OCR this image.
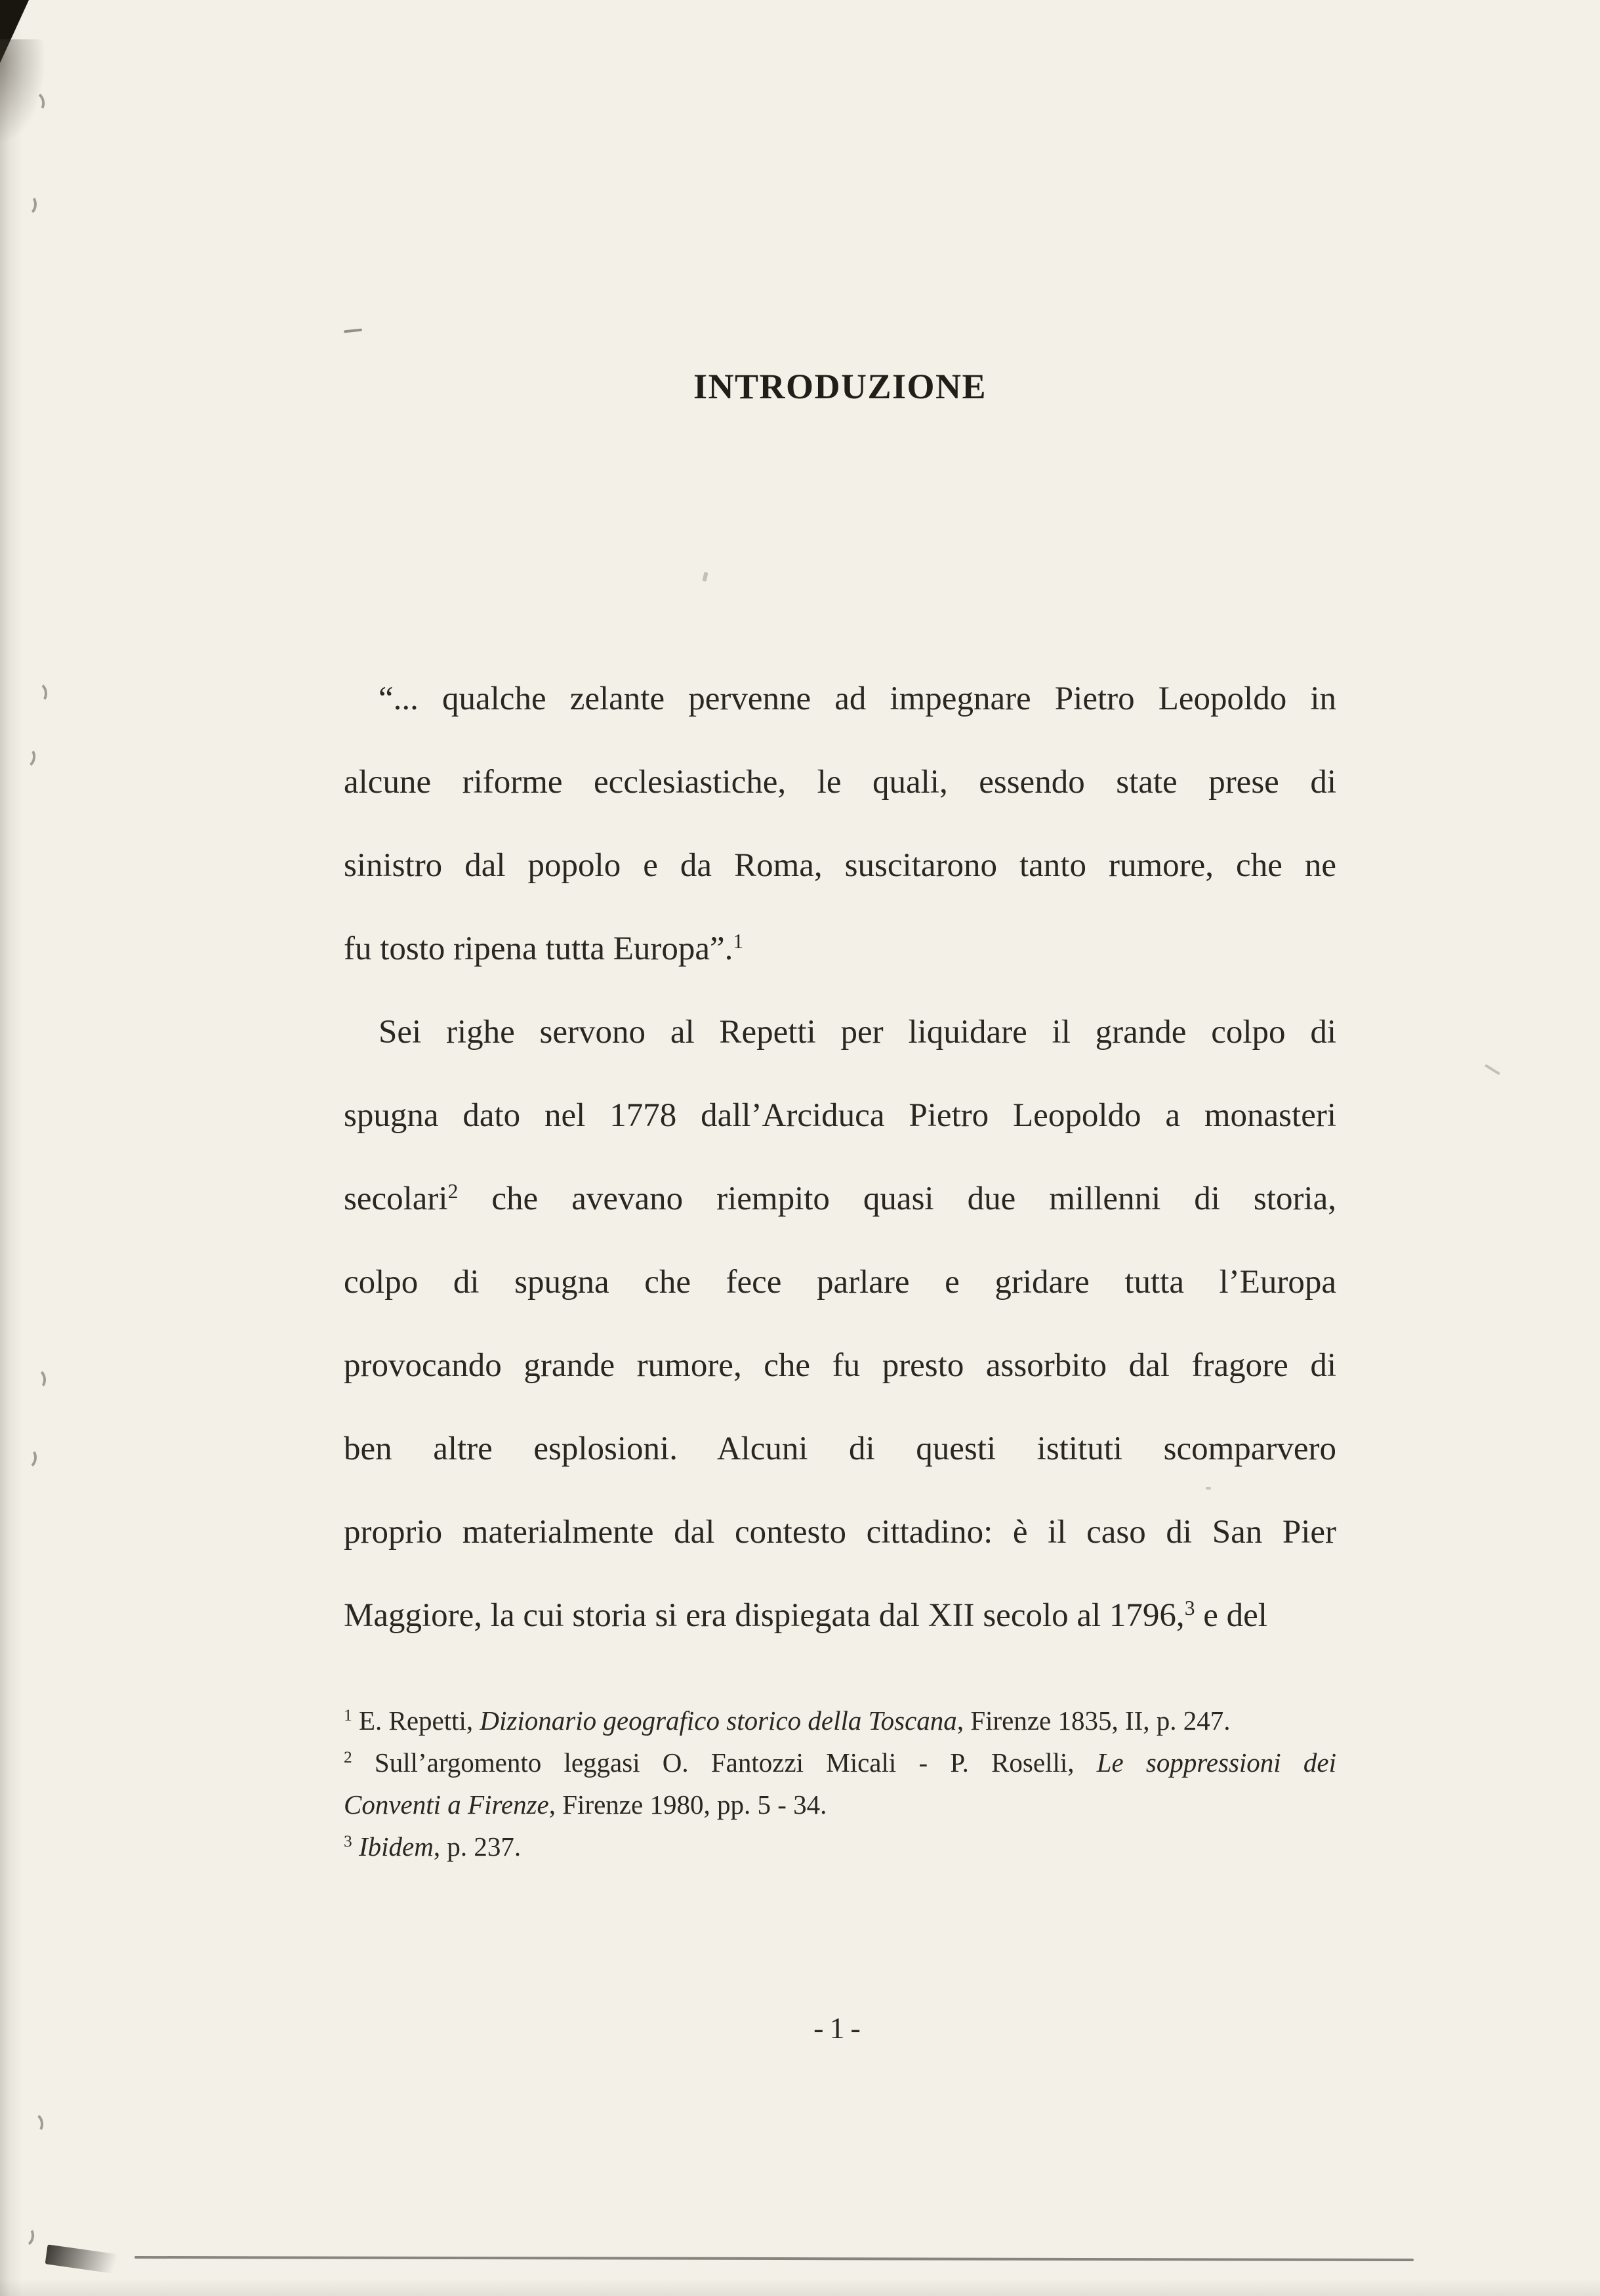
INTRODUZIONE
“... qualche zelante pervenne ad impegnare Pietro Leopoldo in
alcune riforme ecclesiastiche, le quali, essendo state prese di
sinistro dal popolo e da Roma, suscitarono tanto rumore, che ne
fu tosto ripena tutta Europa”.$^1$
Sei righe servono al Repetti per liquidare il grande colpo di
spugna dato nel 1778 dall’Arciduca Pietro Leopoldo a monasteri
secolari$^2$ che avevano riempito quasi due millenni di storia,
colpo di spugna che fece parlare e gridare tutta l’Europa
provocando grande rumore, che fu presto assorbito dal fragore di
ben altre esplosioni. Alcuni di questi istituti scomparvero
proprio materialmente dal contesto cittadino: è il caso di San Pier
Maggiore, la cui storia si era dispiegata dal XII secolo al 1796,$^3$ e del
$^1$ E. Repetti, Dizionario geografico storico della Toscana, Firenze 1835, II, p. 247.
$^2$ Sull’argomento leggasi O. Fantozzi Micali - P. Roselli, Le soppressioni dei
Conventi a Firenze, Firenze 1980, pp. 5 - 34.
$^3$ Ibidem, p. 237.
-1-
